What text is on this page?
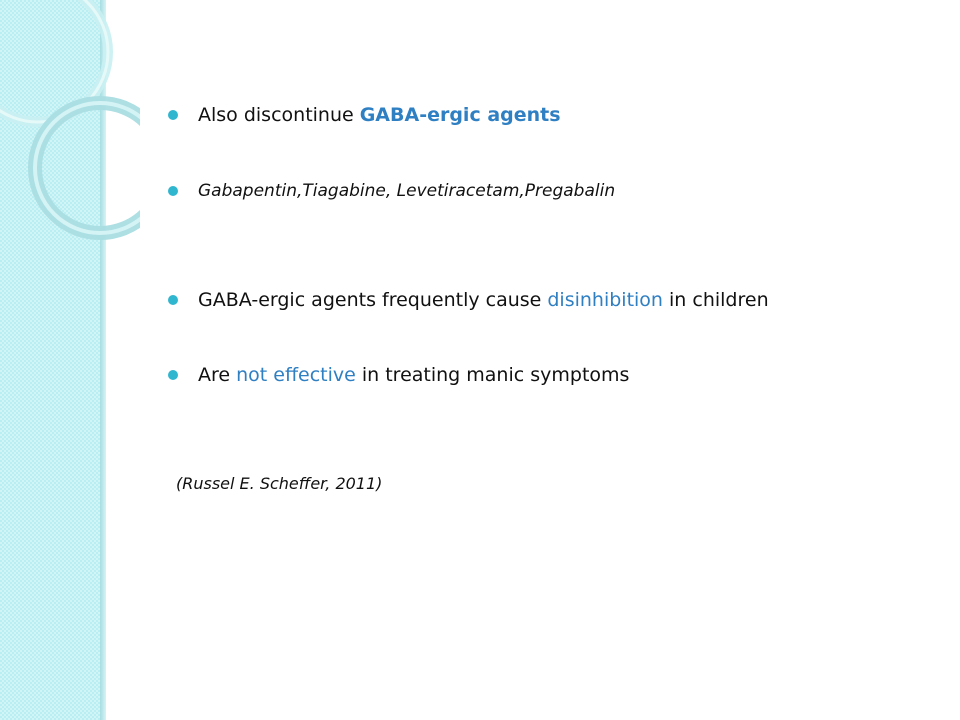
Also discontinue GABA-ergic agents
Gabapentin,Tiagabine, Levetiracetam,Pregabalin
GABA-ergic agents frequently cause disinhibition in children
Are not effective in treating manic symptoms
(Russel E. Scheffer, 2011)
